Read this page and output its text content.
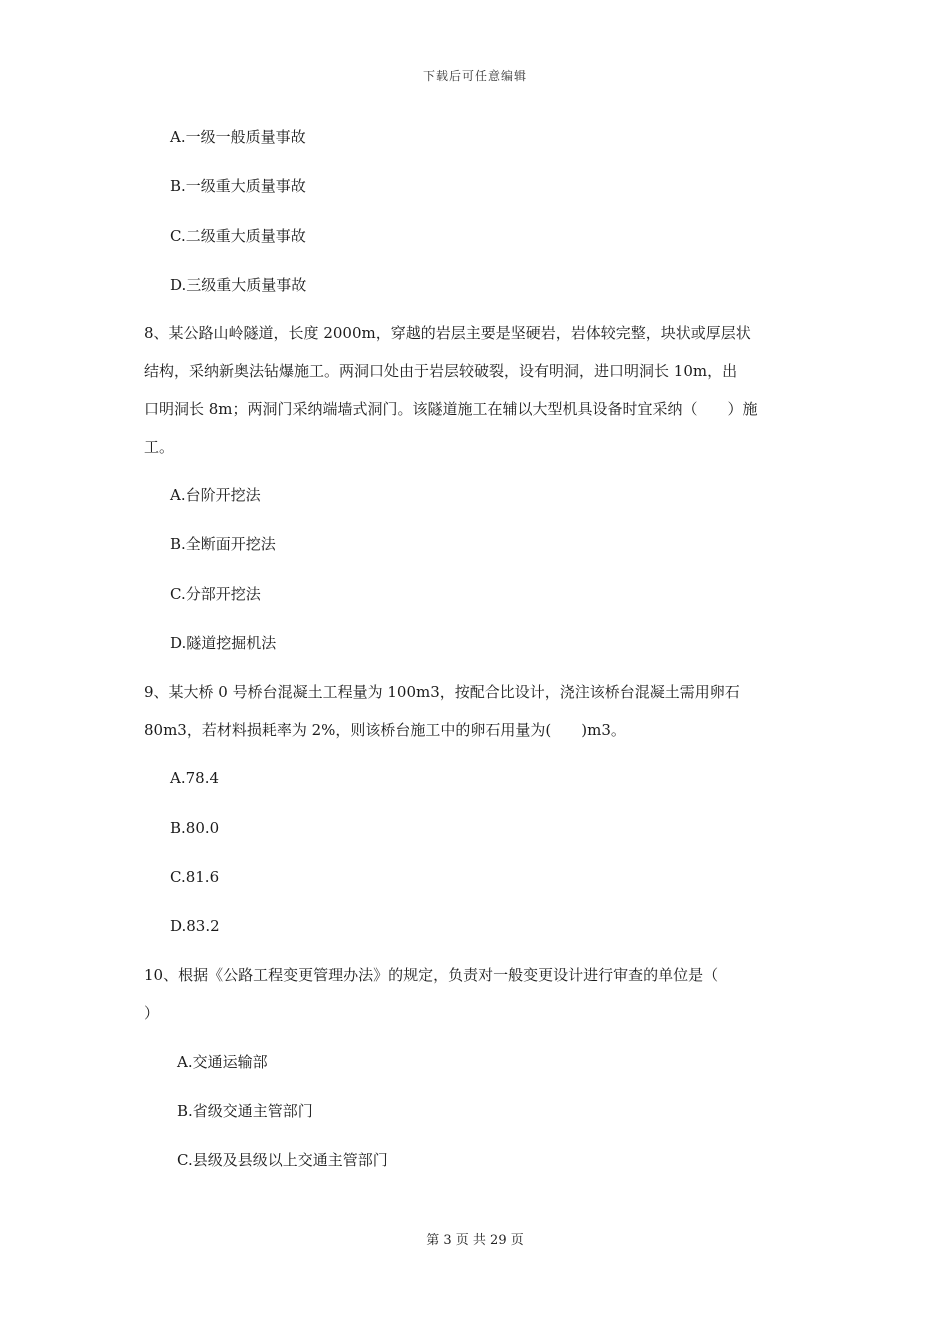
下载后可任意编辑
A.一级一般质量事故
B.一级重大质量事故
C.二级重大质量事故
D.三级重大质量事故
8、某公路山岭隧道，长度 2000m，穿越的岩层主要是坚硬岩，岩体较完整，块状或厚层状
结构，采纳新奥法钻爆施工。两洞口处由于岩层较破裂，设有明洞，进口明洞长 10m，出
口明洞长 8m；两洞门采纳端墙式洞门。该隧道施工在辅以大型机具设备时宜采纳（　　）施
工。
A.台阶开挖法
B.全断面开挖法
C.分部开挖法
D.隧道挖掘机法
9、某大桥 0 号桥台混凝土工程量为 100m3，按配合比设计，浇注该桥台混凝土需用卵石
80m3，若材料损耗率为 2%，则该桥台施工中的卵石用量为(　　)m3。
A.78.4
B.80.0
C.81.6
D.83.2
10、根据《公路工程变更管理办法》的规定，负责对一般变更设计进行审查的单位是（
）
A.交通运输部
B.省级交通主管部门
C.县级及县级以上交通主管部门
第 3 页 共 29 页
